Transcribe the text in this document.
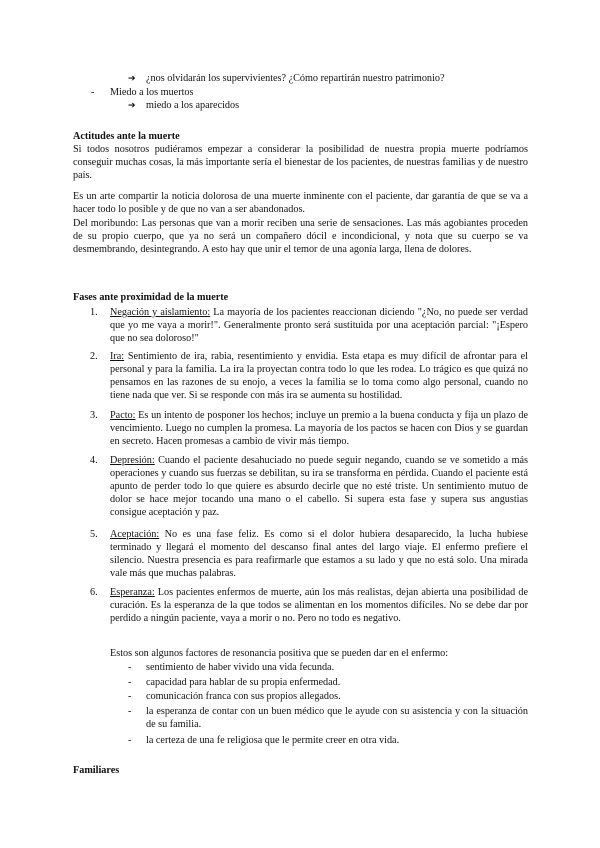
➔ ¿nos olvidarán los supervivientes? ¿Cómo repartirán nuestro patrimonio?
- Miedo a los muertos
➔ miedo a los aparecidos
Actitudes ante la muerte
Si todos nosotros pudiéramos empezar a considerar la posibilidad de nuestra propia muerte podríamos conseguir muchas cosas, la más importante sería el bienestar de los pacientes, de nuestras familias y de nuestro país.
Es un arte compartir la noticia dolorosa de una muerte inminente con el paciente, dar garantía de que se va a hacer todo lo posible y de que no van a ser abandonados.
Del moribundo: Las personas que van a morir reciben una serie de sensaciones. Las más agobiantes proceden de su propio cuerpo, que ya no será un compañero dócil e incondicional, y nota que su cuerpo se va desmembrando, desintegrando. A esto hay que unir el temor de una agonía larga, llena de dolores.
Fases ante proximidad de la muerte
1. Negación y aislamiento: La mayoría de los pacientes reaccionan diciendo "¿No, no puede ser verdad que yo me vaya a morir!". Generalmente pronto será sustituida por una aceptación parcial: "¡Espero que no sea doloroso!"
2. Ira: Sentimiento de ira, rabia, resentimiento y envidia. Esta etapa es muy difícil de afrontar para el personal y para la familia. La ira la proyectan contra todo lo que les rodea. Lo trágico es que quizá no pensamos en las razones de su enojo, a veces la familia se lo toma como algo personal, cuando no tiene nada que ver. Si se responde con más ira se aumenta su hostilidad.
3. Pacto: Es un intento de posponer los hechos; incluye un premio a la buena conducta y fija un plazo de vencimiento. Luego no cumplen la promesa. La mayoría de los pactos se hacen con Dios y se guardan en secreto. Hacen promesas a cambio de vivir más tiempo.
4. Depresión: Cuando el paciente desahuciado no puede seguir negando, cuando se ve sometido a más operaciones y cuando sus fuerzas se debilitan, su ira se transforma en pérdida. Cuando el paciente está apunto de perder todo lo que quiere es absurdo decirle que no esté triste. Un sentimiento mutuo de dolor se hace mejor tocando una mano o el cabello. Si supera esta fase y supera sus angustias consigue aceptación y paz.
5. Aceptación: No es una fase feliz. Es como si el dolor hubiera desaparecido, la lucha hubiese terminado y llegará el momento del descanso final antes del largo viaje. El enfermo prefiere el silencio. Nuestra presencia es para reafirmarle que estamos a su lado y que no está solo. Una mirada vale más que muchas palabras.
6. Esperanza: Los pacientes enfermos de muerte, aún los más realistas, dejan abierta una posibilidad de curación. Es la esperanza de la que todos se alimentan en los momentos difíciles. No se debe dar por perdido a ningún paciente, vaya a morir o no. Pero no todo es negativo.
Estos son algunos factores de resonancia positiva que se pueden dar en el enfermo:
- sentimiento de haber vivido una vida fecunda.
- capacidad para hablar de su propia enfermedad.
- comunicación franca con sus propios allegados.
- la esperanza de contar con un buen médico que le ayude con su asistencia y con la situación de su familia.
- la certeza de una fe religiosa que le permite creer en otra vida.
Familiares
